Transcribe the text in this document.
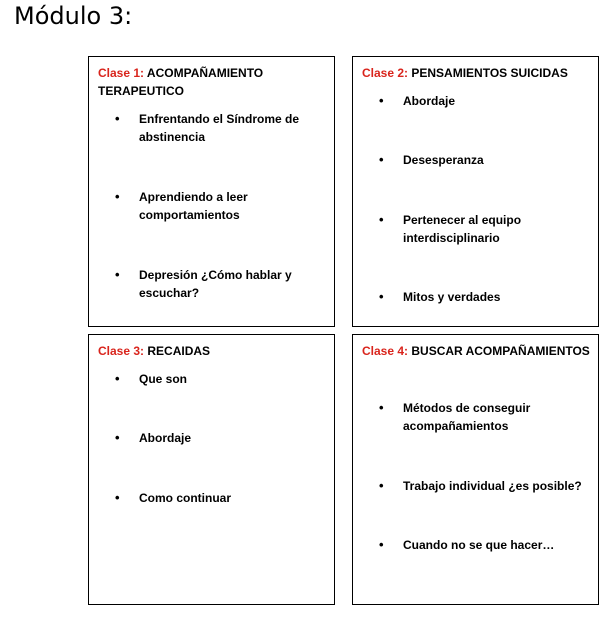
Módulo 3:
Clase 1: ACOMPAÑAMIENTO TERAPEUTICO
•	Enfrentando el Síndrome de abstinencia
•	Aprendiendo a leer comportamientos
•	Depresión ¿Cómo hablar y escuchar?
Clase 2: PENSAMIENTOS SUICIDAS
•	Abordaje
•	Desesperanza
•	Pertenecer al equipo interdisciplinario
•	Mitos y verdades
Clase 3: RECAIDAS
•	Que son
•	Abordaje
•	Como continuar
Clase 4: BUSCAR ACOMPAÑAMIENTOS
•	Métodos de conseguir acompañamientos
•	Trabajo individual ¿es posible?
•	Cuando no se que hacer…
